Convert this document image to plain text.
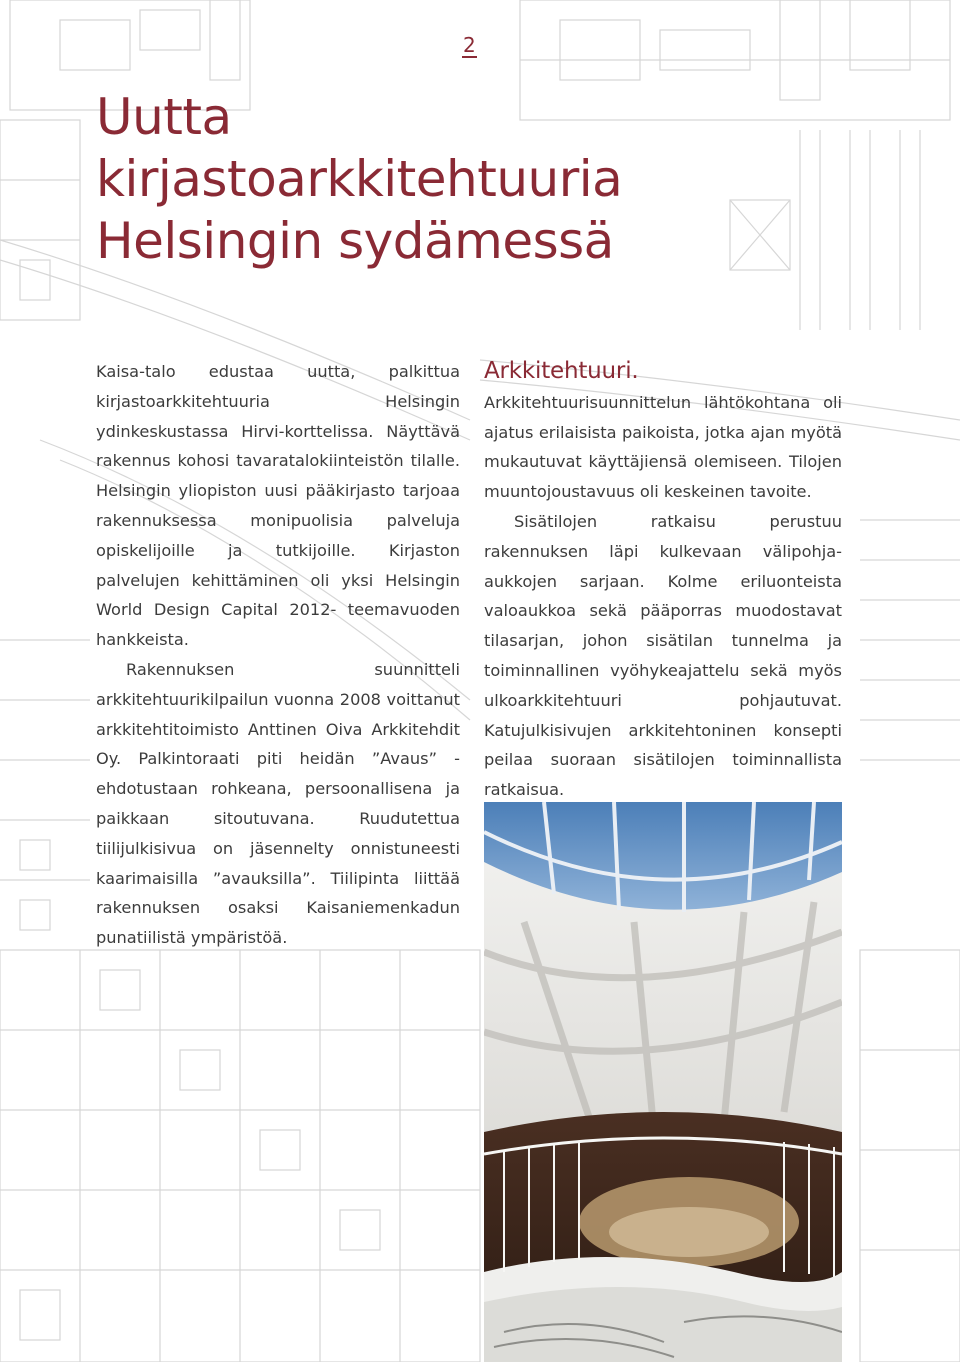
2
Uutta
kirjastoarkkitehtuuria
Helsingin sydämessä

Kaisa-talo edustaa uutta, palkittua kirjastoarkkitehtuuria Helsingin ydinkeskustassa Hirvi-korttelissa. Näyttävä rakennus kohosi tavaratalokiinteistön tilalle. Helsingin yliopiston uusi pääkirjasto tarjoaa rakennuksessa monipuolisia palveluja opiskelijoille ja tutkijoille. Kirjaston palvelujen kehittäminen oli yksi Helsingin World Design Capital 2012- teemavuoden hankkeista.

Rakennuksen suunnitteli arkkitehtuurikilpailun vuonna 2008 voittanut arkkitehtitoimisto Anttinen Oiva Arkkitehdit Oy. Palkintoraati piti heidän ”Avaus” -ehdotustaan rohkeana, persoonallisena ja paikkaan sitoutuvana. Ruudutettua tiilijulkisivua on jäsennelty onnistuneesti kaarimaisilla ”avauksilla”. Tiilipinta liittää rakennuksen osaksi Kaisaniemenkadun punatiilistä ympäristöä.

Arkkitehtuuri. Arkkitehtuurisuunnittelun lähtökohtana oli ajatus erilaisista paikoista, jotka ajan myötä mukautuvat käyttäjiensä olemiseen. Tilojen muuntojoustavuus oli keskeinen tavoite.

Sisätilojen ratkaisu perustuu rakennuksen läpi kulkevaan välipohja-aukkojen sarjaan. Kolme eriluonteista valoaukkoa sekä pääporras muodostavat tilasarjan, johon sisätilan tunnelma ja toiminnallinen vyöhykeajattelu sekä myös ulkoarkkitehtuuri pohjautuvat. Katujulkisivujen arkkitehtoninen konsepti peilaa suoraan sisätilojen toiminnallista ratkaisua.
